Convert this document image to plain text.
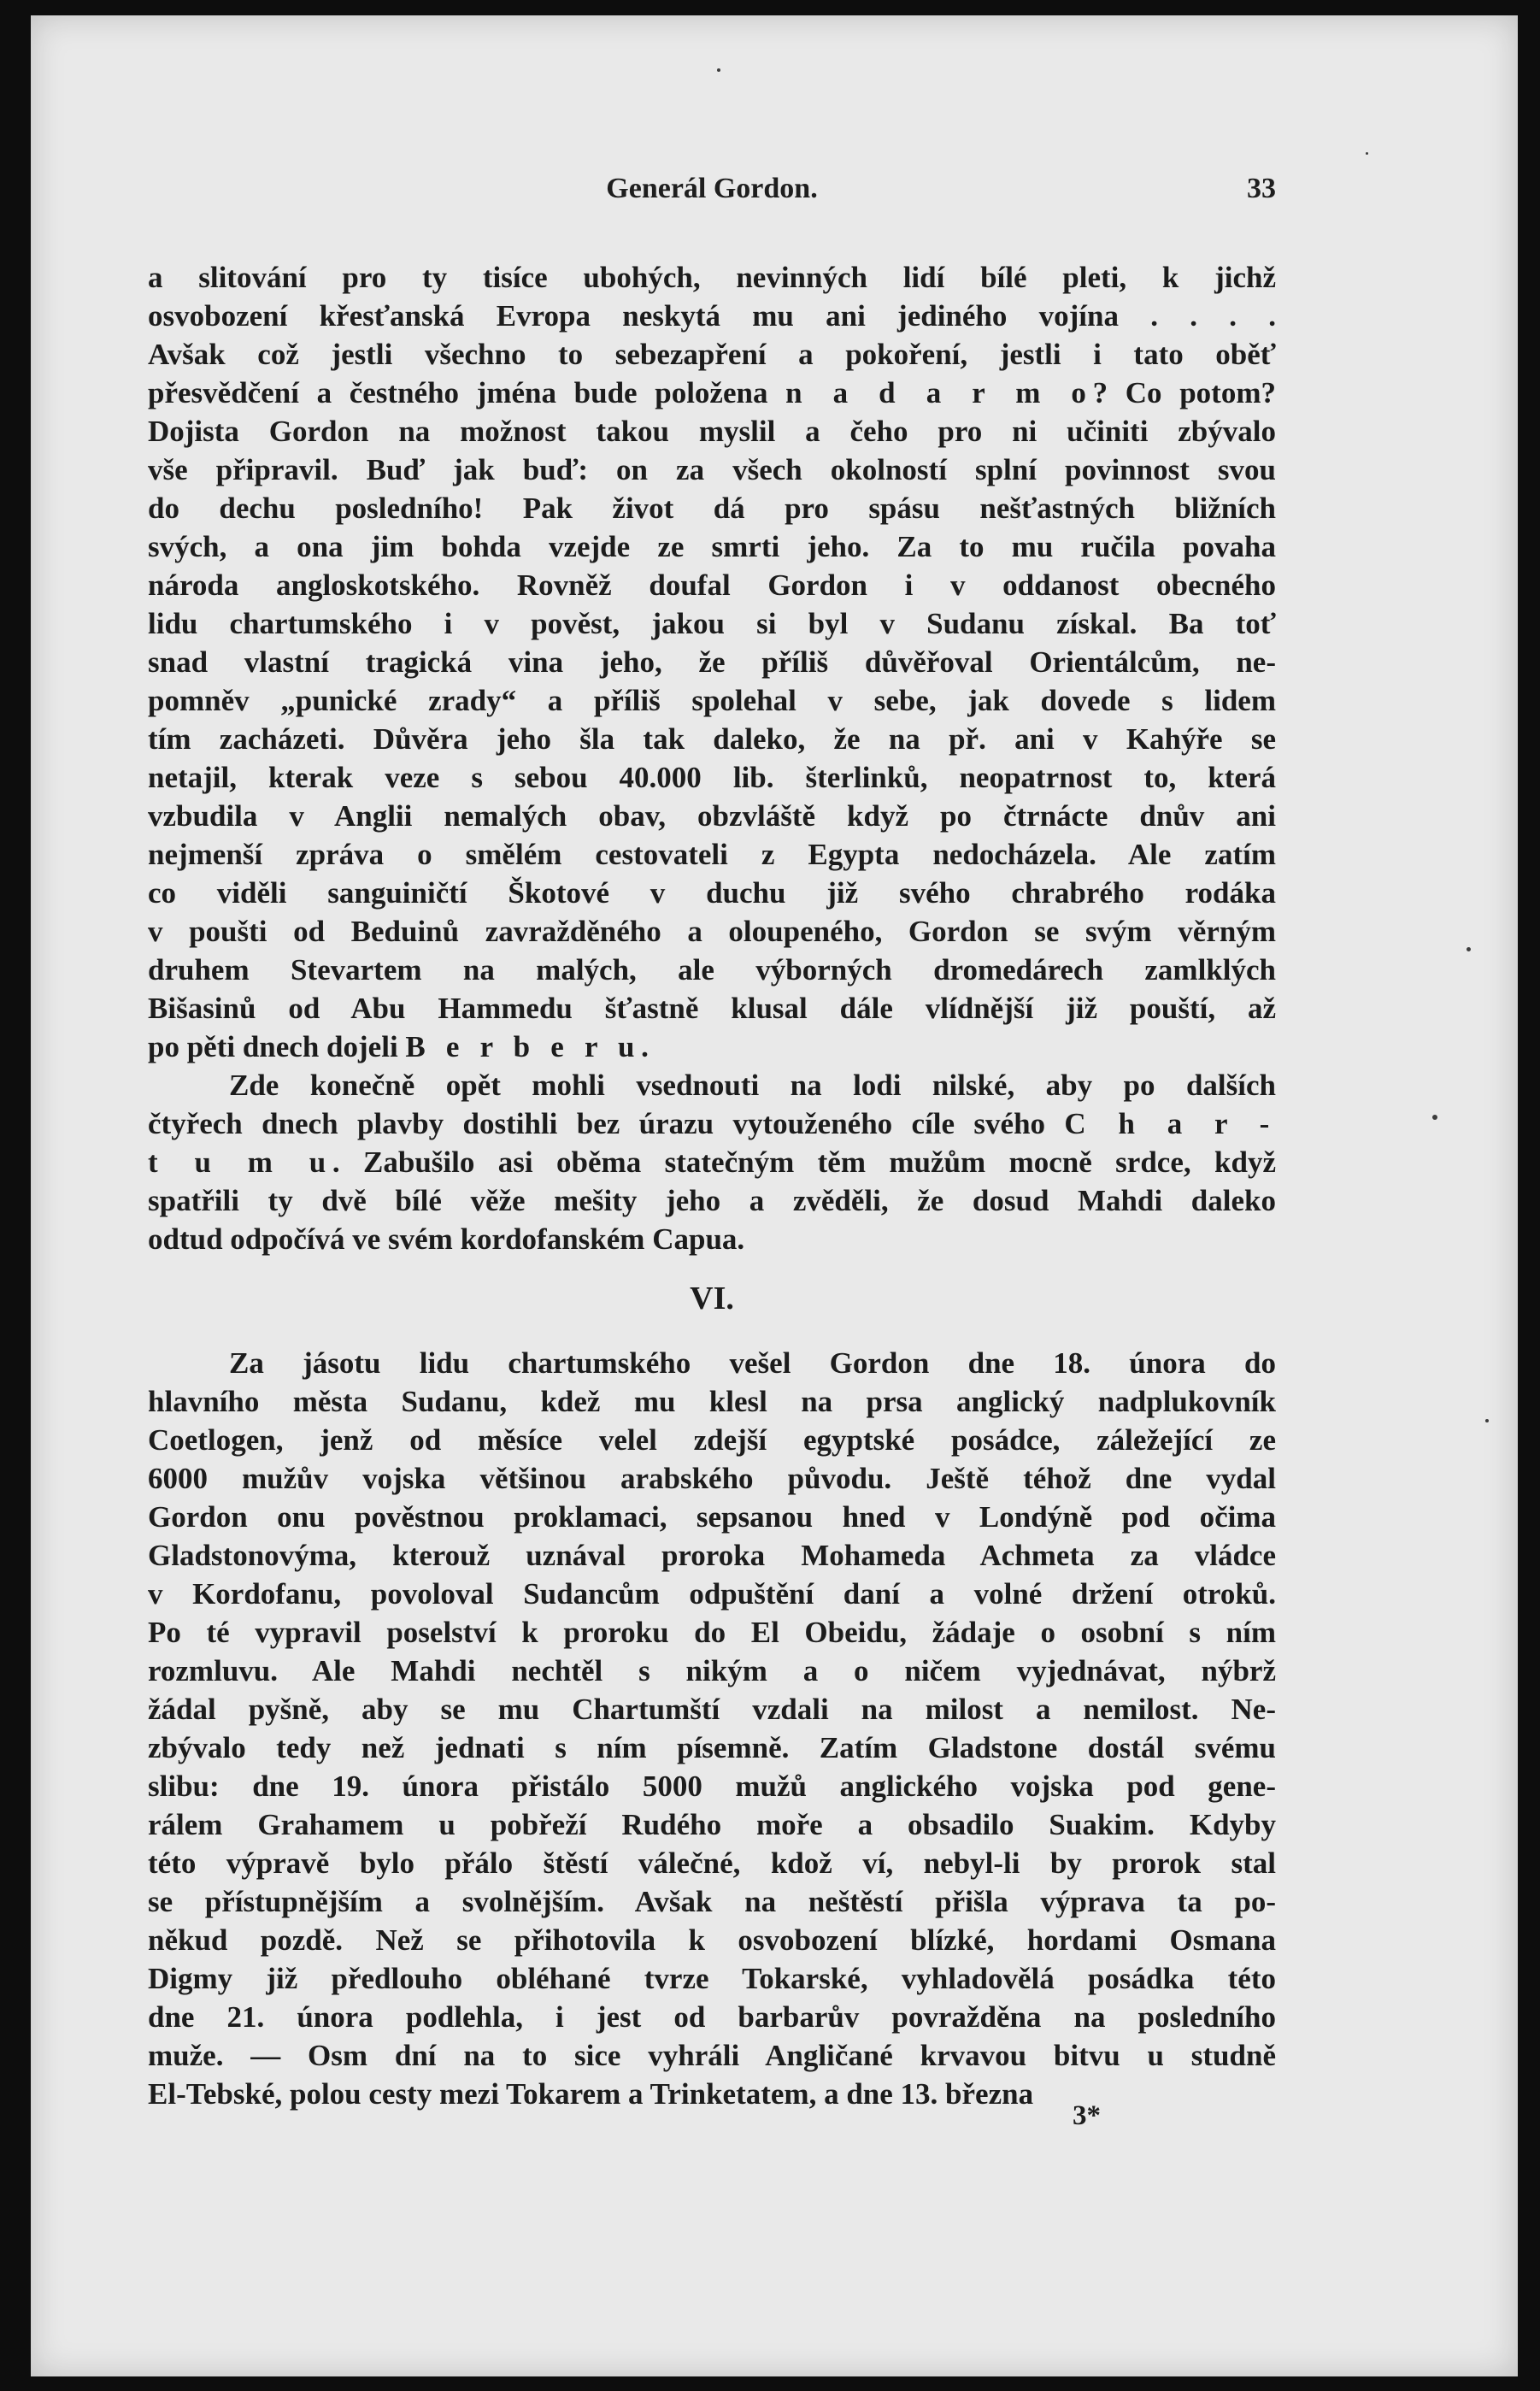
Generál Gordon.	33
a slitování pro ty tisíce ubohých, nevinných lidí bílé pleti, k jichž
osvobození křesťanská Evropa neskytá mu ani jediného vojína . . . .
Avšak což jestli všechno to sebezapření a pokoření, jestli i tato oběť
přesvědčení a čestného jména bude položena n a d a r m o? Co potom?
Dojista Gordon na možnost takou myslil a čeho pro ni učiniti zbývalo
vše připravil. Buď jak buď: on za všech okolností splní povinnost svou
do dechu posledního! Pak život dá pro spásu nešťastných bližních
svých, a ona jim bohda vzejde ze smrti jeho. Za to mu ručila povaha
národa angloskotského. Rovněž doufal Gordon i v oddanost obecného
lidu chartumského i v pověst, jakou si byl v Sudanu získal. Ba toť
snad vlastní tragická vina jeho, že příliš důvěřoval Orientálcům, ne-
pomněv „punické zrady“ a příliš spolehal v sebe, jak dovede s lidem
tím zacházeti. Důvěra jeho šla tak daleko, že na př. ani v Kahýře se
netajil, kterak veze s sebou 40.000 lib. šterlinků, neopatrnost to, která
vzbudila v Anglii nemalých obav, obzvláště když po čtrnácte dnův ani
nejmenší zpráva o smělém cestovateli z Egypta nedocházela. Ale zatím
co viděli sanguiničtí Škotové v duchu již svého chrabrého rodáka
v poušti od Beduinů zavražděného a oloupeného, Gordon se svým věrným
druhem Stevartem na malých, ale výborných dromedárech zamlklých
Bišasinů od Abu Hammedu šťastně klusal dále vlídnější již pouští, až
po pěti dnech dojeli B e r b e r u.
Zde konečně opět mohli vsednouti na lodi nilské, aby po dalších
čtyřech dnech plavby dostihli bez úrazu vytouženého cíle svého C h a r -
t u m u. Zabušilo asi oběma statečným těm mužům mocně srdce, když
spatřili ty dvě bílé věže mešity jeho a zvěděli, že dosud Mahdi daleko
odtud odpočívá ve svém kordofanském Capua.
VI.
Za jásotu lidu chartumského vešel Gordon dne 18. února do
hlavního města Sudanu, kdež mu klesl na prsa anglický nadplukovník
Coetlogen, jenž od měsíce velel zdejší egyptské posádce, záležející ze
6000 mužův vojska většinou arabského původu. Ještě téhož dne vydal
Gordon onu pověstnou proklamaci, sepsanou hned v Londýně pod očima
Gladstonovýma, kterouž uznával proroka Mohameda Achmeta za vládce
v Kordofanu, povoloval Sudancům odpuštění daní a volné držení otroků.
Po té vypravil poselství k proroku do El Obeidu, žádaje o osobní s ním
rozmluvu. Ale Mahdi nechtěl s nikým a o ničem vyjednávat, nýbrž
žádal pyšně, aby se mu Chartumští vzdali na milost a nemilost. Ne-
zbývalo tedy než jednati s ním písemně. Zatím Gladstone dostál svému
slibu: dne 19. února přistálo 5000 mužů anglického vojska pod gene-
rálem Grahamem u pobřeží Rudého moře a obsadilo Suakim. Kdyby
této výpravě bylo přálo štěstí válečné, kdož ví, nebyl-li by prorok stal
se přístupnějším a svolnějším. Avšak na neštěstí přišla výprava ta po-
někud pozdě. Než se přihotovila k osvobození blízké, hordami Osmana
Digmy již předlouho obléhané tvrze Tokarské, vyhladovělá posádka této
dne 21. února podlehla, i jest od barbarův povražděna na posledního
muže. — Osm dní na to sice vyhráli Angličané krvavou bitvu u studně
El-Tebské, polou cesty mezi Tokarem a Trinketatem, a dne 13. března
3*
